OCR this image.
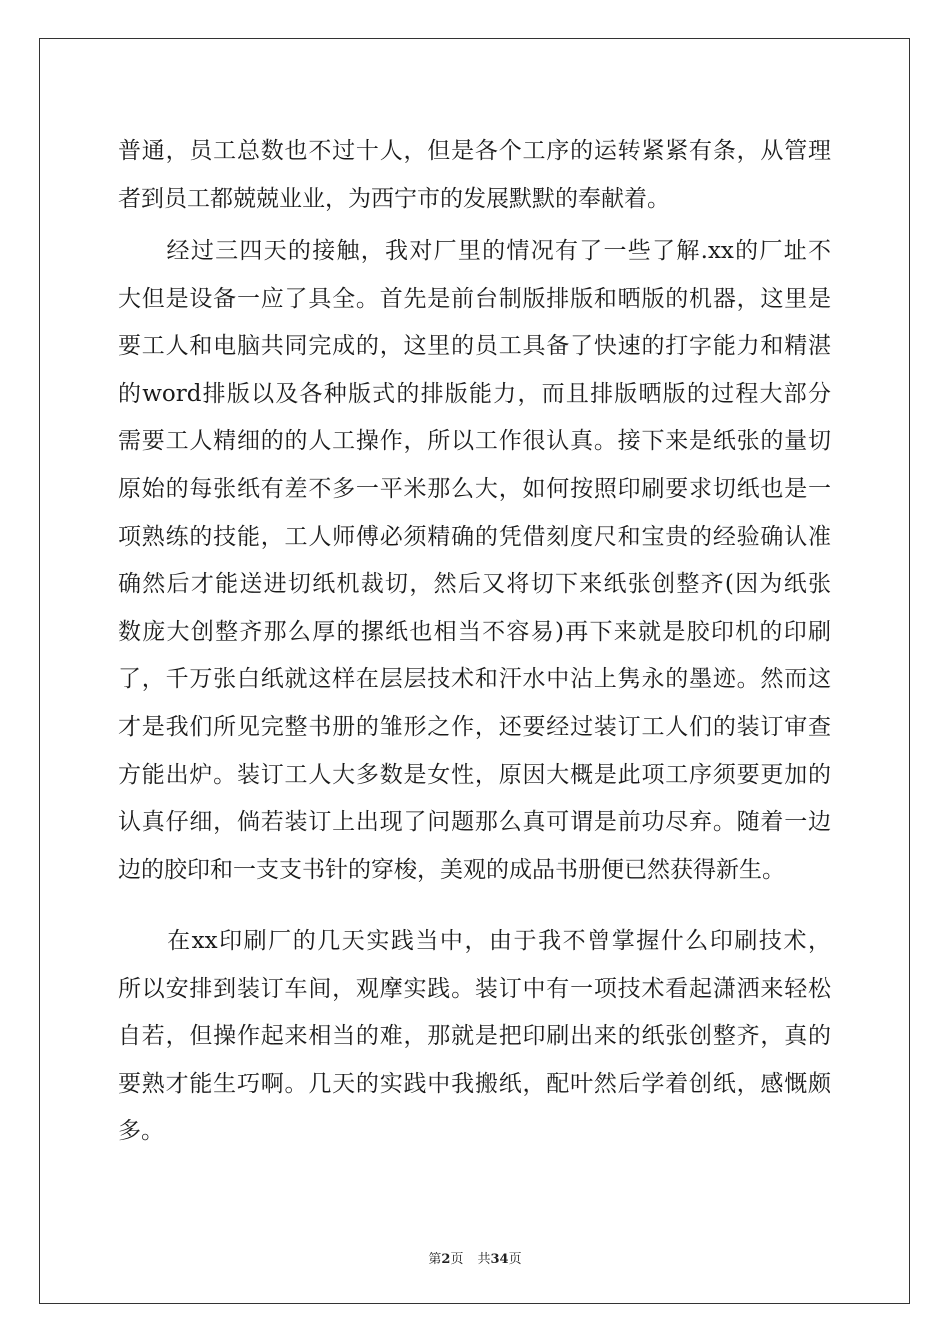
普通，员工总数也不过十人，但是各个工序的运转紧紧有条，从管理
者到员工都兢兢业业，为西宁市的发展默默的奉献着。
　　经过三四天的接触，我对厂里的情况有了一些了解.xx的厂址不
大但是设备一应了具全。首先是前台制版排版和晒版的机器，这里是
要工人和电脑共同完成的，这里的员工具备了快速的打字能力和精湛
的word排版以及各种版式的排版能力，而且排版晒版的过程大部分
需要工人精细的的人工操作，所以工作很认真。接下来是纸张的量切
原始的每张纸有差不多一平米那么大，如何按照印刷要求切纸也是一
项熟练的技能，工人师傅必须精确的凭借刻度尺和宝贵的经验确认准
确然后才能送进切纸机裁切，然后又将切下来纸张创整齐(因为纸张
数庞大创整齐那么厚的摞纸也相当不容易)再下来就是胶印机的印刷
了，千万张白纸就这样在层层技术和汗水中沾上隽永的墨迹。然而这
才是我们所见完整书册的雏形之作，还要经过装订工人们的装订审查
方能出炉。装订工人大多数是女性，原因大概是此项工序须要更加的
认真仔细，倘若装订上出现了问题那么真可谓是前功尽弃。随着一边
边的胶印和一支支书针的穿梭，美观的成品书册便已然获得新生。
　　在xx印刷厂的几天实践当中，由于我不曾掌握什么印刷技术，
所以安排到装订车间，观摩实践。装订中有一项技术看起潇洒来轻松
自若，但操作起来相当的难，那就是把印刷出来的纸张创整齐，真的
要熟才能生巧啊。几天的实践中我搬纸，配叶然后学着创纸，感慨颇
多。
第2页 共34页
